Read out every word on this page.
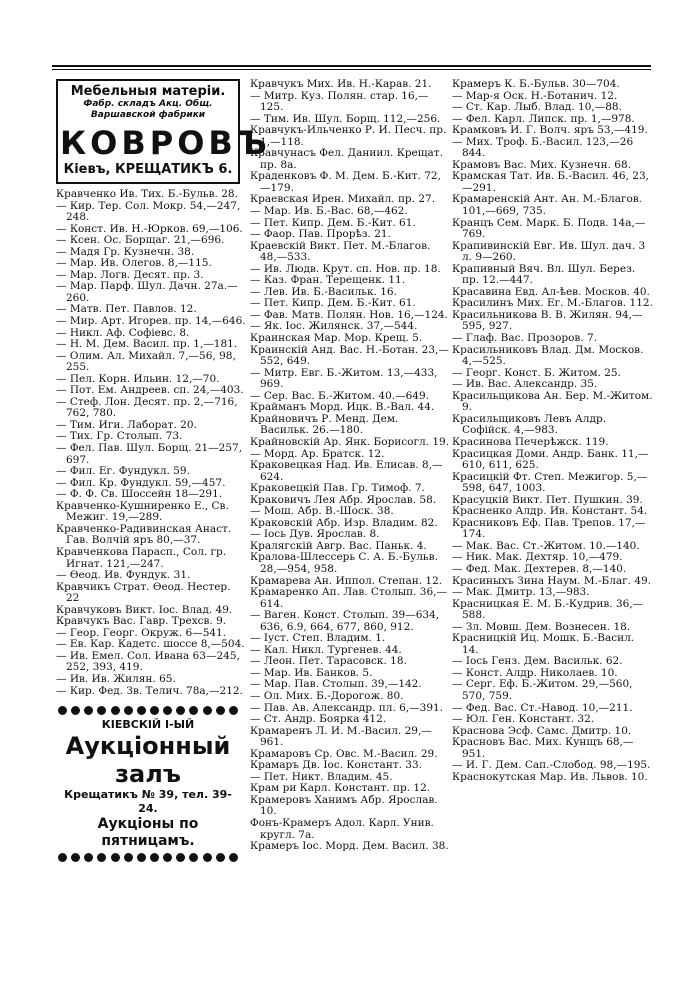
Мебельныя матеріи.
Фабр. складъ Акц. Общ.
Варшавской фабрики
КОВРОВЪ
Кіевъ, КРЕЩАТИКЪ 6.
Кравченко Ив. Тих. Б.-Бульв. 28.
— Кир. Тер. Сол. Мокр. 54,—247, 248.
— Конст. Ив. Н.-Юрков. 69,—106.
— Ксен. Ос. Борщаг. 21,—696.
— Мадя Гр. Кузнечн. 38.
— Мар. Ив. Олегов. 8,—115.
— Мар. Логв. Десят. пр. 3.
— Мар. Парф. Шул. Дачн. 27а.—260.
— Матв. Пет. Павлов. 12.
— Мир. Арт. Игорев. пр. 14,—646.
— Никл. Аф. Софіевс. 8.
— Н. М. Дем. Васил. пр. 1,—181.
— Олим. Ал. Михайл. 7,—56, 98, 255.
— Пел. Корн. Ильин. 12,—70.
— Пот. Ем. Андреев. сп. 24,—403.
— Стеф. Лон. Десят. пр. 2,—716, 762, 780.
— Тим. Иги. Лаборат. 20.
— Тих. Гр. Столып. 73.
— Фел. Пав. Шул. Борщ. 21—257, 697.
— Фил. Ег. Фундукл. 59.
— Фил. Кр. Фундукл. 59,—457.
— Ф. Ф. Св. Шоссейн 18—291.
Кравченко-Кушниренко Е., Св. Межиг. 19,—289.
Кравченко-Радивинская Анаст. Гав. Волчій яръ 80,—37.
Кравченкова Парасп., Сол. гр. Игнат. 121,—247.
— Өеод. Ив. Фундук. 31.
Кравчикъ Страт. Өеод. Нестер. 22
Кравчуковъ Викт. Іос. Влад. 49.
Кравчукъ Вас. Гавр. Трехсв. 9.
— Геор. Георг. Окруж. 6—541.
— Ев. Кар. Кадетс. шоссе 8,—504.
— Ив. Емел. Сол. Ивана 63—245, 252, 393, 419.
— Ив. Ив. Жилян. 65.
— Кир. Фед. Зв. Телич. 78а,—212.
КІЕВСКІЙ І-ЫЙ
Аукціонный залъ
Крещатикъ № 39, тел. 39-24.
Аукціоны по пятницамъ.
Кравчукъ Мих. Ив. Н.-Карав. 21.
— Митр. Куз. Полян. стар. 16,—125.
— Тим. Ив. Шул. Борщ. 112,—256.
Кравчукъ-Ильченко Р. И. Песч. пр. 1,—118.
Кравчунасъ Фел. Даниил. Крещат. пр. 8а.
Краденковъ Ф. М. Дем. Б.-Кит. 72,—179.
Краевская Ирен. Михайл. пр. 27.
— Мар. Ив. Б.-Вас. 68,—462.
— Пет. Кипр. Дем. Б.-Кит. 61.
— Фаор. Пав. Прорѣз. 21.
Краевскій Викт. Пет. М.-Благов. 48,—533.
— Ив. Людв. Крут. сп. Нов. пр. 18.
— Каз. Фран. Терещенк. 11.
— Лев. Ив. Б.-Васильк. 16.
— Пет. Кипр. Дем. Б.-Кит. 61.
— Фав. Матв. Полян. Нов. 16,—124.
— Як. Іос. Жилянск. 37,—544.
Краинская Мар. Мор. Крещ. 5.
Краинскій Анд. Вас. Н.-Ботан. 23,—552, 649.
— Митр. Евг. Б.-Житом. 13,—433, 969.
— Сер. Вас. Б.-Житом. 40.—649.
Крайманъ Морд. Ицк. В.-Вал. 44.
Крайновичъ Р. Менд. Дем. Васильк. 26.—180.
Крайновскій Ар. Янк. Борисогл. 19.
— Морд. Ар. Братск. 12.
Краковецкая Над. Ив. Елисав. 8,—624.
Краковецкій Пав. Гр. Тимоф. 7.
Краковичъ Лея Абр. Ярослав. 58.
— Мош. Абр. В.-Шоск. 38.
Краковскій Абр. Изр. Владим. 82.
— Іось Дув. Ярослав. 8.
Кралягскій Авгр. Вас. Паньк. 4.
Кралова-Шлессерь С. А. Б.-Бульв. 28,—954, 958.
Крамарева Ан. Иппол. Степан. 12.
Крамаренко Ап. Лав. Столып. 36,—614.
— Ваген. Конст. Столып. 39—634, 636, 6.9, 664, 677, 860, 912.
— Іуст. Степ. Владим. 1.
— Кал. Никл. Тургенев. 44.
— Леон. Пет. Тарасовск. 18.
— Мар. Ив. Банков. 5.
— Мар. Пав. Столып. 39,—142.
— Ол. Мих. Б.-Дорогож. 80.
— Пав. Ав. Александр. пл. 6,—391.
— Ст. Андр. Боярка 412.
Крамаренъ Л. И. М.-Васил. 29,—961.
Крамаровъ Ср. Овс. М.-Васил. 29.
Крамаръ Дв. Іос. Констант. 33.
— Пет. Никт. Владим. 45.
Крам ри Карл. Констант. пр. 12.
Крамеровъ Ханимъ Абр. Ярослав. 10.
Фонъ-Крамеръ Адол. Карл. Унив. кругл. 7а.
Крамеръ Іос. Морд. Дем. Васил. 38.
Крамеръ К. Б.-Бульв. 30—704.
— Мар-я Оск. Н.-Ботанич. 12.
— Ст. Кар. Лыб. Влад. 10,—88.
— Фел. Карл. Липск. пр. 1,—978.
Крамковъ И. Г. Волч. яръ 53,—419.
— Мих. Троф. Б.-Васил. 123,—26 844.
Крамовъ Вас. Мих. Кузнечн. 68.
Крамская Тат. Ив. Б.-Васил. 46, 23,—291.
Крамаренскій Ант. Ан. М.-Благов. 101,—669, 735.
Кранцъ Сем. Марк. Б. Подв. 14а,—769.
Крапивинскій Евг. Ив. Шул. дач. 3 л. 9—260.
Крапивный Вяч. Вл. Шул. Берез. пр. 12.—447.
Красавина Евд. Ал-ѣев. Москов. 40.
Красилинъ Мих. Ег. М.-Благов. 112.
Красильникова В. В. Жилян. 94,—595, 927.
— Глаф. Вас. Прозоров. 7.
Красильниковъ Влад. Дм. Москов. 4,—525.
— Георг. Конст. Б. Житом. 25.
— Ив. Вас. Александр. 35.
Красильщикова Ан. Бер. М.-Житом. 9.
Красильщиковъ Левъ Алдр. Софійск. 4,—983.
Красинова Печерѣжск. 119.
Красицкая Доми. Андр. Банк. 11,—610, 611, 625.
Красицкій Фт. Степ. Межигор. 5,—598, 647, 1003.
Красуцкій Викт. Пет. Пушкин. 39.
Красненко Алдр. Ив. Констант. 54.
Красниковъ Еф. Пав. Трепов. 17,—174.
— Мак. Вас. Ст.-Житом. 10.—140.
— Ник. Мак. Дехтяр. 10,—479.
— Фед. Мак. Дехтерев. 8,—140.
Красиныхъ Зина Наум. М.-Благ. 49.
— Мак. Дмитр. 13,—983.
Красницкая Е. М. Б.-Кудрив. 36,—588.
— Зл. Мовш. Дем. Вознесен. 18.
Красницкій Иц. Мошк. Б.-Васил. 14.
— Іось Генз. Дем. Васильк. 62.
— Конст. Алдр. Николаев. 10.
— Серг. Еф. Б.-Житом. 29,—560, 570, 759.
— Фед. Вас. Ст.-Навод. 10,—211.
— Юл. Ген. Констант. 32.
Краснова Эсф. Самс. Дмитр. 10.
Красновъ Вас. Мих. Кунщъ 68,—951.
— И. Г. Дем. Сап.-Слобод. 98,—195.
Краснокутская Мар. Ив. Львов. 10.
